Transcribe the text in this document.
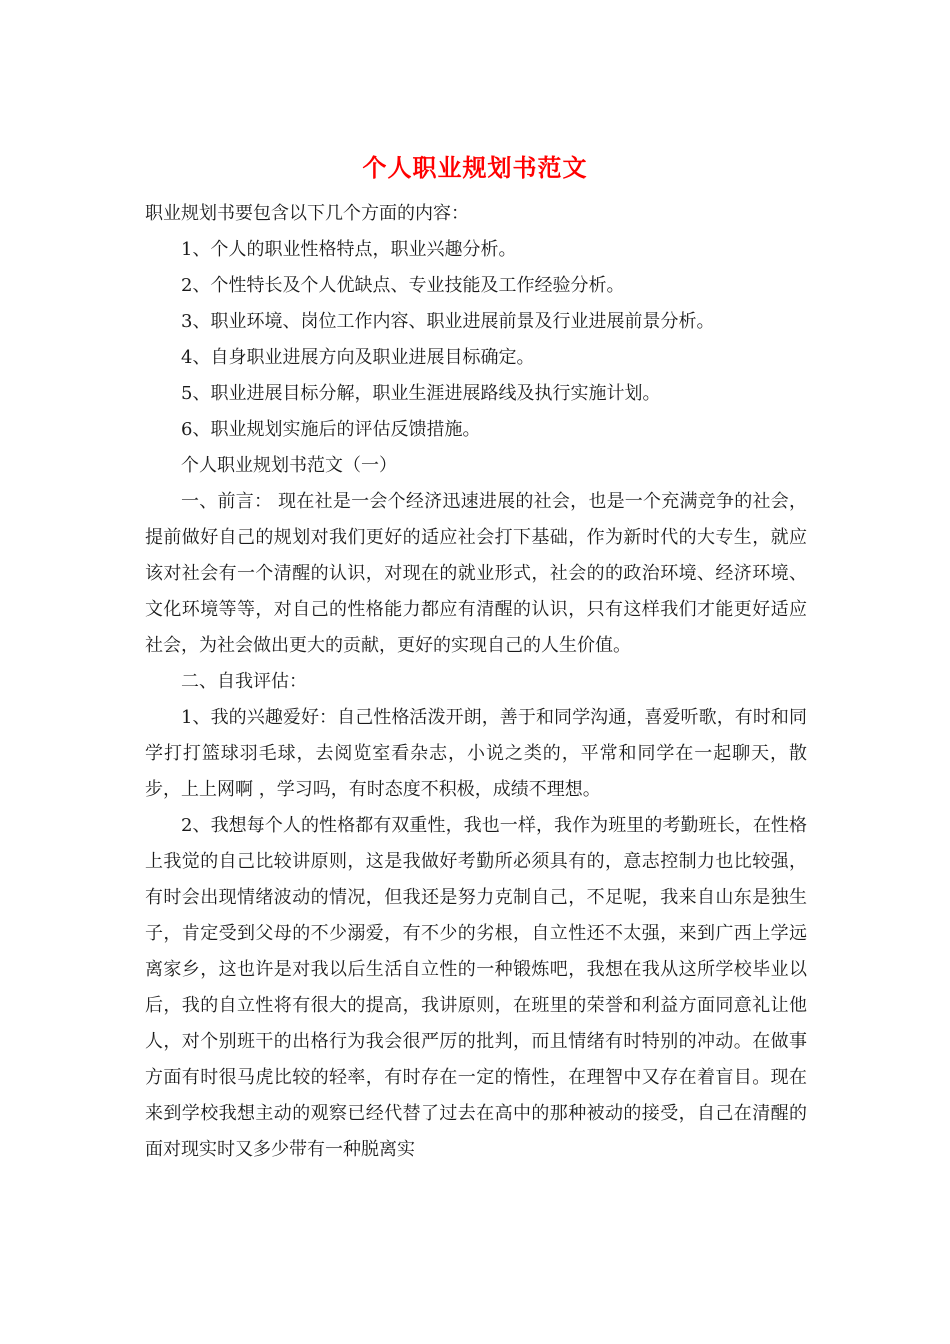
个人职业规划书范文

职业规划书要包含以下几个方面的内容：

1、个人的职业性格特点，职业兴趣分析。

2、个性特长及个人优缺点、专业技能及工作经验分析。

3、职业环境、岗位工作内容、职业进展前景及行业进展前景分析。

4、自身职业进展方向及职业进展目标确定。

5、职业进展目标分解，职业生涯进展路线及执行实施计划。

6、职业规划实施后的评估反馈措施。

个人职业规划书范文（一）

一、前言： 现在社是一会个经济迅速进展的社会，也是一个充满竞争的社会，提前做好自己的规划对我们更好的适应社会打下基础，作为新时代的大专生，就应该对社会有一个清醒的认识，对现在的就业形式，社会的的政治环境、经济环境、文化环境等等，对自己的性格能力都应有清醒的认识，只有这样我们才能更好适应社会，为社会做出更大的贡献，更好的实现自己的人生价值。

二、自我评估：

1、我的兴趣爱好：自己性格活泼开朗，善于和同学沟通，喜爱听歌，有时和同学打打篮球羽毛球，去阅览室看杂志，小说之类的，平常和同学在一起聊天，散步，上上网啊 ，学习吗，有时态度不积极，成绩不理想。

2、我想每个人的性格都有双重性，我也一样，我作为班里的考勤班长，在性格上我觉的自己比较讲原则，这是我做好考勤所必须具有的，意志控制力也比较强，有时会出现情绪波动的情况，但我还是努力克制自己，不足呢，我来自山东是独生子，肯定受到父母的不少溺爱，有不少的劣根，自立性还不太强，来到广西上学远离家乡，这也许是对我以后生活自立性的一种锻炼吧，我想在我从这所学校毕业以后，我的自立性将有很大的提高，我讲原则，在班里的荣誉和利益方面同意礼让他人，对个别班干的出格行为我会很严厉的批判，而且情绪有时特别的冲动。在做事方面有时很马虎比较的轻率，有时存在一定的惰性，在理智中又存在着盲目。现在来到学校我想主动的观察已经代替了过去在高中的那种被动的接受，自己在清醒的面对现实时又多少带有一种脱离实
